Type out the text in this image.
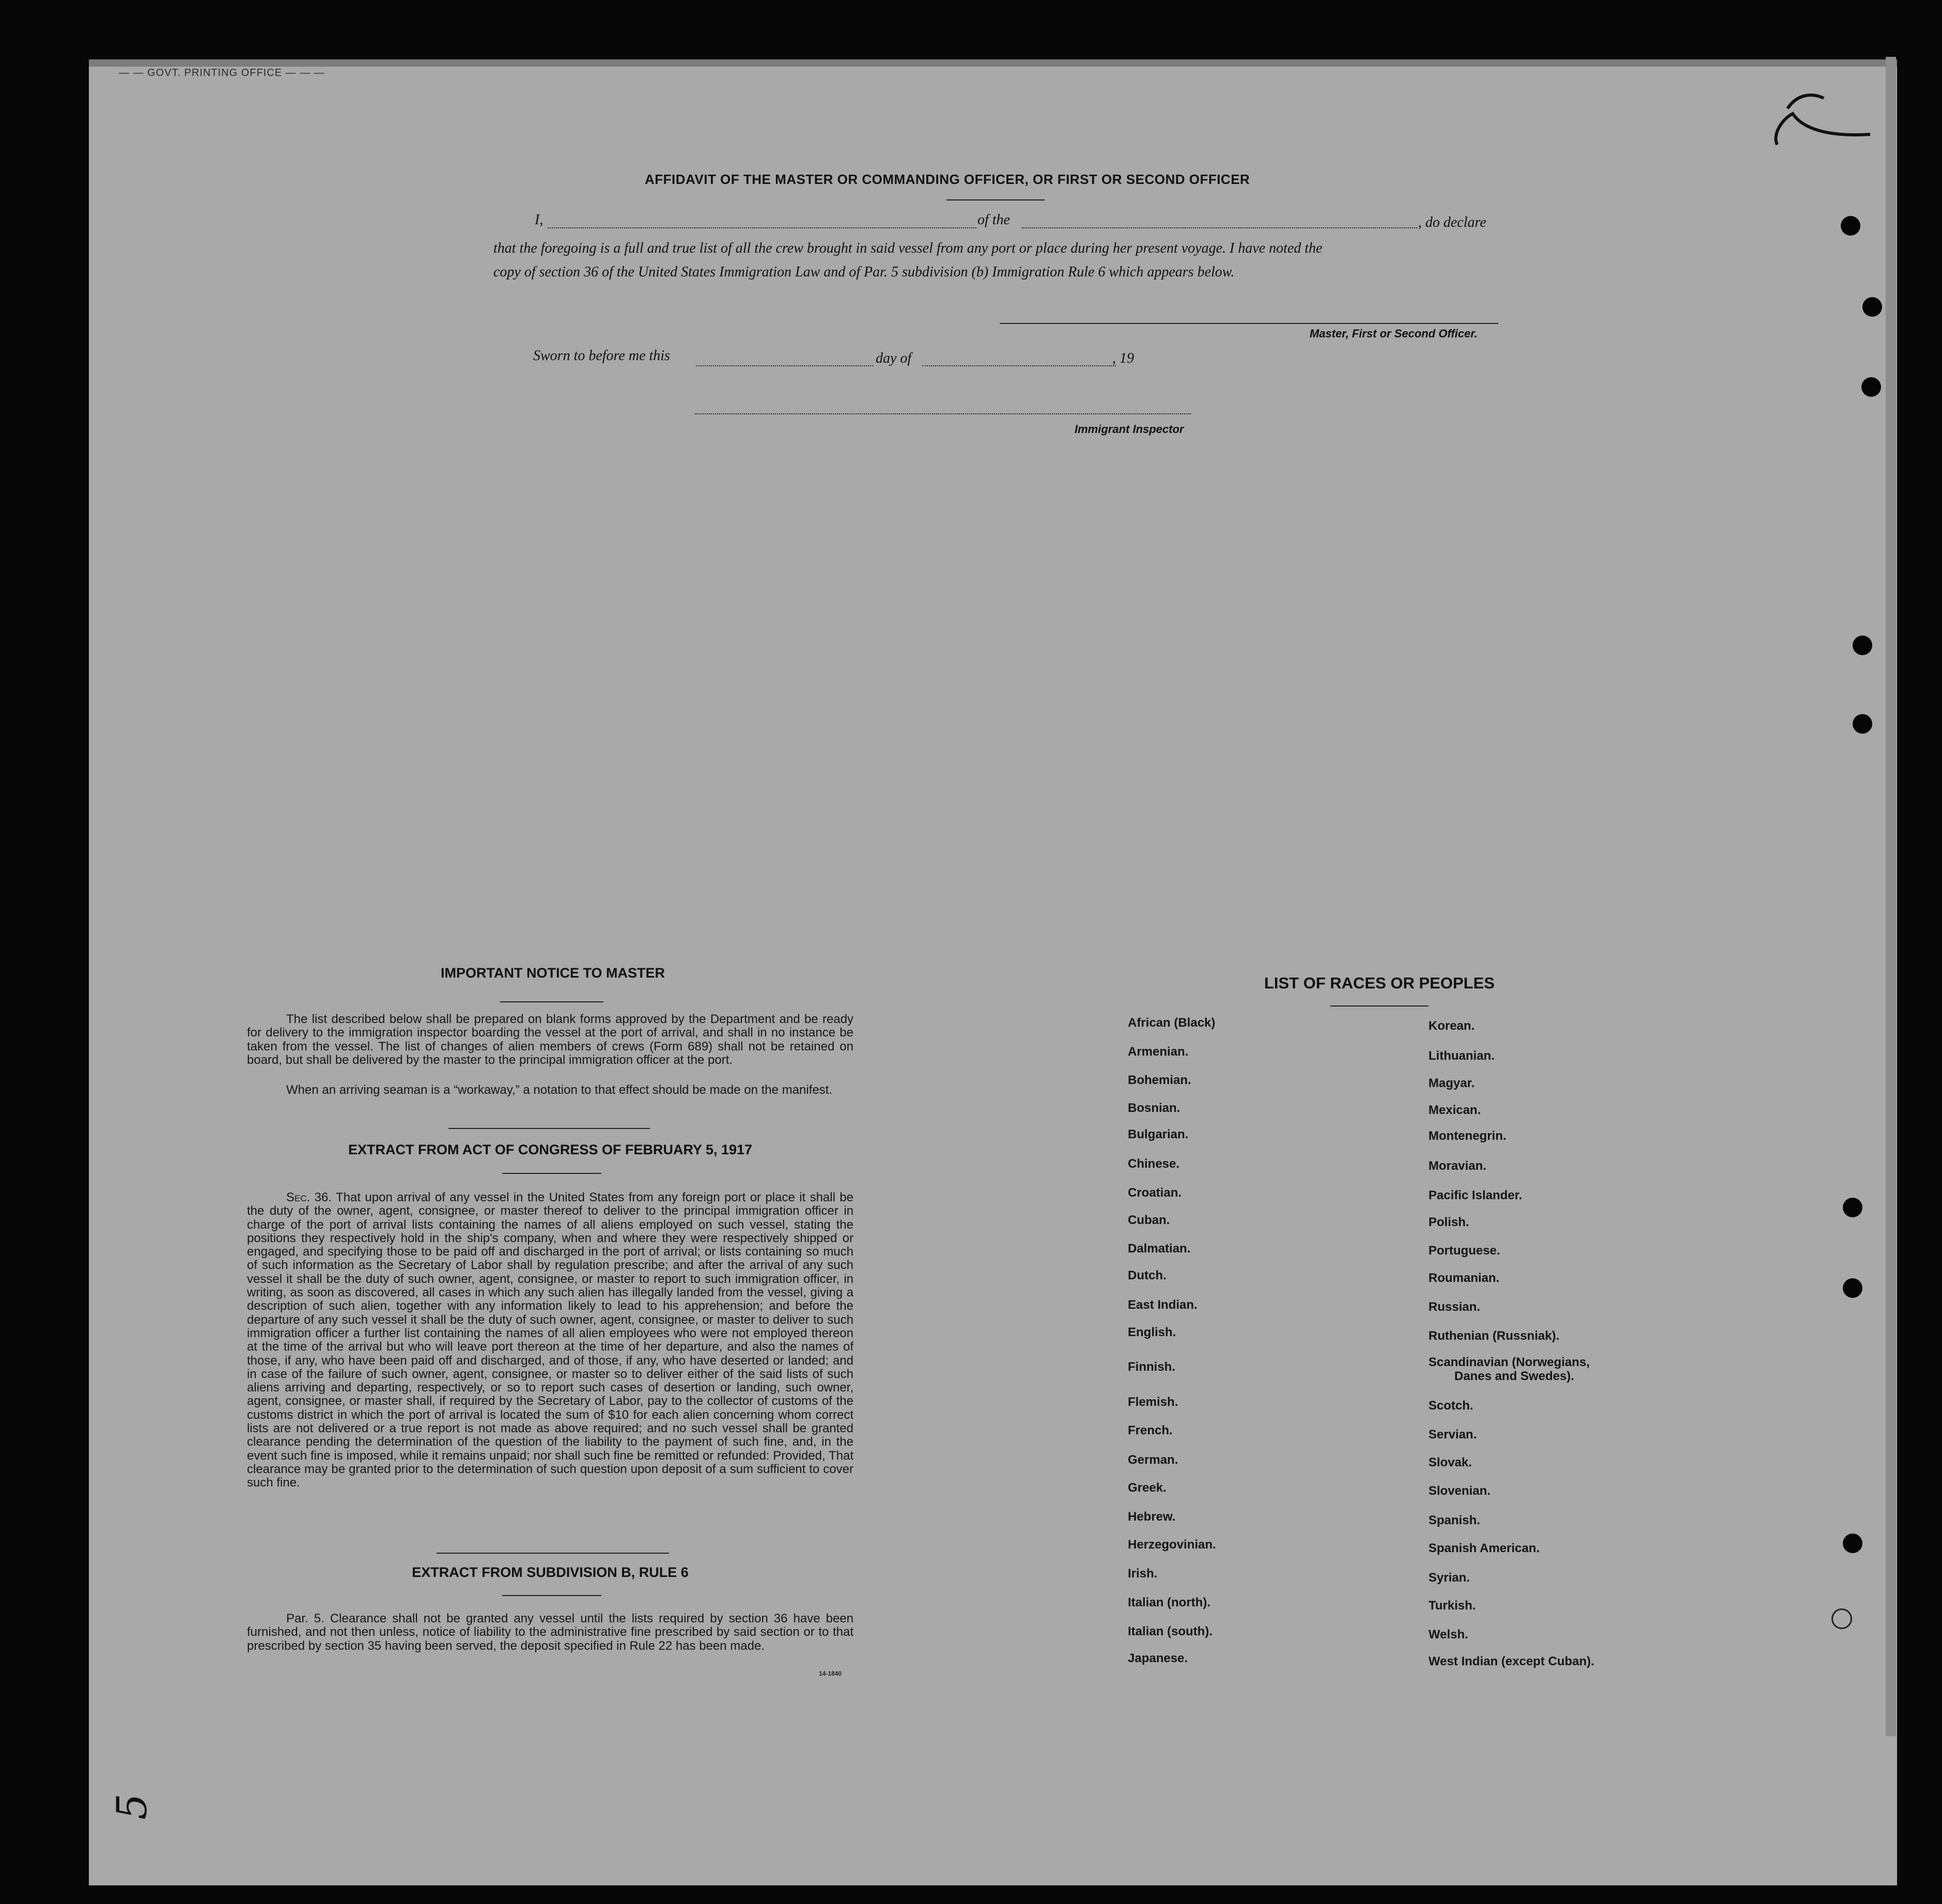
— — GOVT. PRINTING OFFICE — — —
AFFIDAVIT OF THE MASTER OR COMMANDING OFFICER, OR FIRST OR SECOND OFFICER
I,	of the	, do declare
that the foregoing is a full and true list of all the crew brought in said vessel from any port or place during her present voyage. I have noted the
copy of section 36 of the United States Immigration Law and of Par. 5 subdivision (b) Immigration Rule 6 which appears below.
Master, First or Second Officer.
Sworn to before me this	day of	, 19
Immigrant Inspector
IMPORTANT NOTICE TO MASTER
The list described below shall be prepared on blank forms approved by the Department and be ready for delivery to the immigration inspector boarding the vessel at the port of arrival, and shall in no instance be taken from the vessel. The list of changes of alien members of crews (Form 689) shall not be retained on board, but shall be delivered by the master to the principal immigration officer at the port.
When an arriving seaman is a “workaway,” a notation to that effect should be made on the manifest.
EXTRACT FROM ACT OF CONGRESS OF FEBRUARY 5, 1917
Sec. 36. That upon arrival of any vessel in the United States from any foreign port or place it shall be the duty of the owner, agent, consignee, or master thereof to deliver to the principal immigration officer in charge of the port of arrival lists containing the names of all aliens employed on such vessel, stating the positions they respectively hold in the ship's company, when and where they were respectively shipped or engaged, and specifying those to be paid off and discharged in the port of arrival; or lists containing so much of such information as the Secretary of Labor shall by regulation prescribe; and after the arrival of any such vessel it shall be the duty of such owner, agent, consignee, or master to report to such immigration officer, in writing, as soon as discovered, all cases in which any such alien has illegally landed from the vessel, giving a description of such alien, together with any information likely to lead to his apprehension; and before the departure of any such vessel it shall be the duty of such owner, agent, consignee, or master to deliver to such immigration officer a further list containing the names of all alien employees who were not employed thereon at the time of the arrival but who will leave port thereon at the time of her departure, and also the names of those, if any, who have been paid off and discharged, and of those, if any, who have deserted or landed; and in case of the failure of such owner, agent, consignee, or master so to deliver either of the said lists of such aliens arriving and departing, respectively, or so to report such cases of desertion or landing, such owner, agent, consignee, or master shall, if required by the Secretary of Labor, pay to the collector of customs of the customs district in which the port of arrival is located the sum of $10 for each alien concerning whom correct lists are not delivered or a true report is not made as above required; and no such vessel shall be granted clearance pending the determination of the question of the liability to the payment of such fine, and, in the event such fine is imposed, while it remains unpaid; nor shall such fine be remitted or refunded: Provided, That clearance may be granted prior to the determination of such question upon deposit of a sum sufficient to cover such fine.
EXTRACT FROM SUBDIVISION B, RULE 6
Par. 5. Clearance shall not be granted any vessel until the lists required by section 36 have been furnished, and not then unless, notice of liability to the administrative fine prescribed by said section or to that prescribed by section 35 having been served, the deposit specified in Rule 22 has been made.
14-1840
LIST OF RACES OR PEOPLES
African (Black)
Armenian.
Bohemian.
Bosnian.
Bulgarian.
Chinese.
Croatian.
Cuban.
Dalmatian.
Dutch.
East Indian.
English.
Finnish.
Flemish.
French.
German.
Greek.
Hebrew.
Herzegovinian.
Irish.
Italian (north).
Italian (south).
Japanese.
Korean.
Lithuanian.
Magyar.
Mexican.
Montenegrin.
Moravian.
Pacific Islander.
Polish.
Portuguese.
Roumanian.
Russian.
Ruthenian (Russniak).
Scandinavian (Norwegians,
Danes and Swedes).
Scotch.
Servian.
Slovak.
Slovenian.
Spanish.
Spanish American.
Syrian.
Turkish.
Welsh.
West Indian (except Cuban).
5
